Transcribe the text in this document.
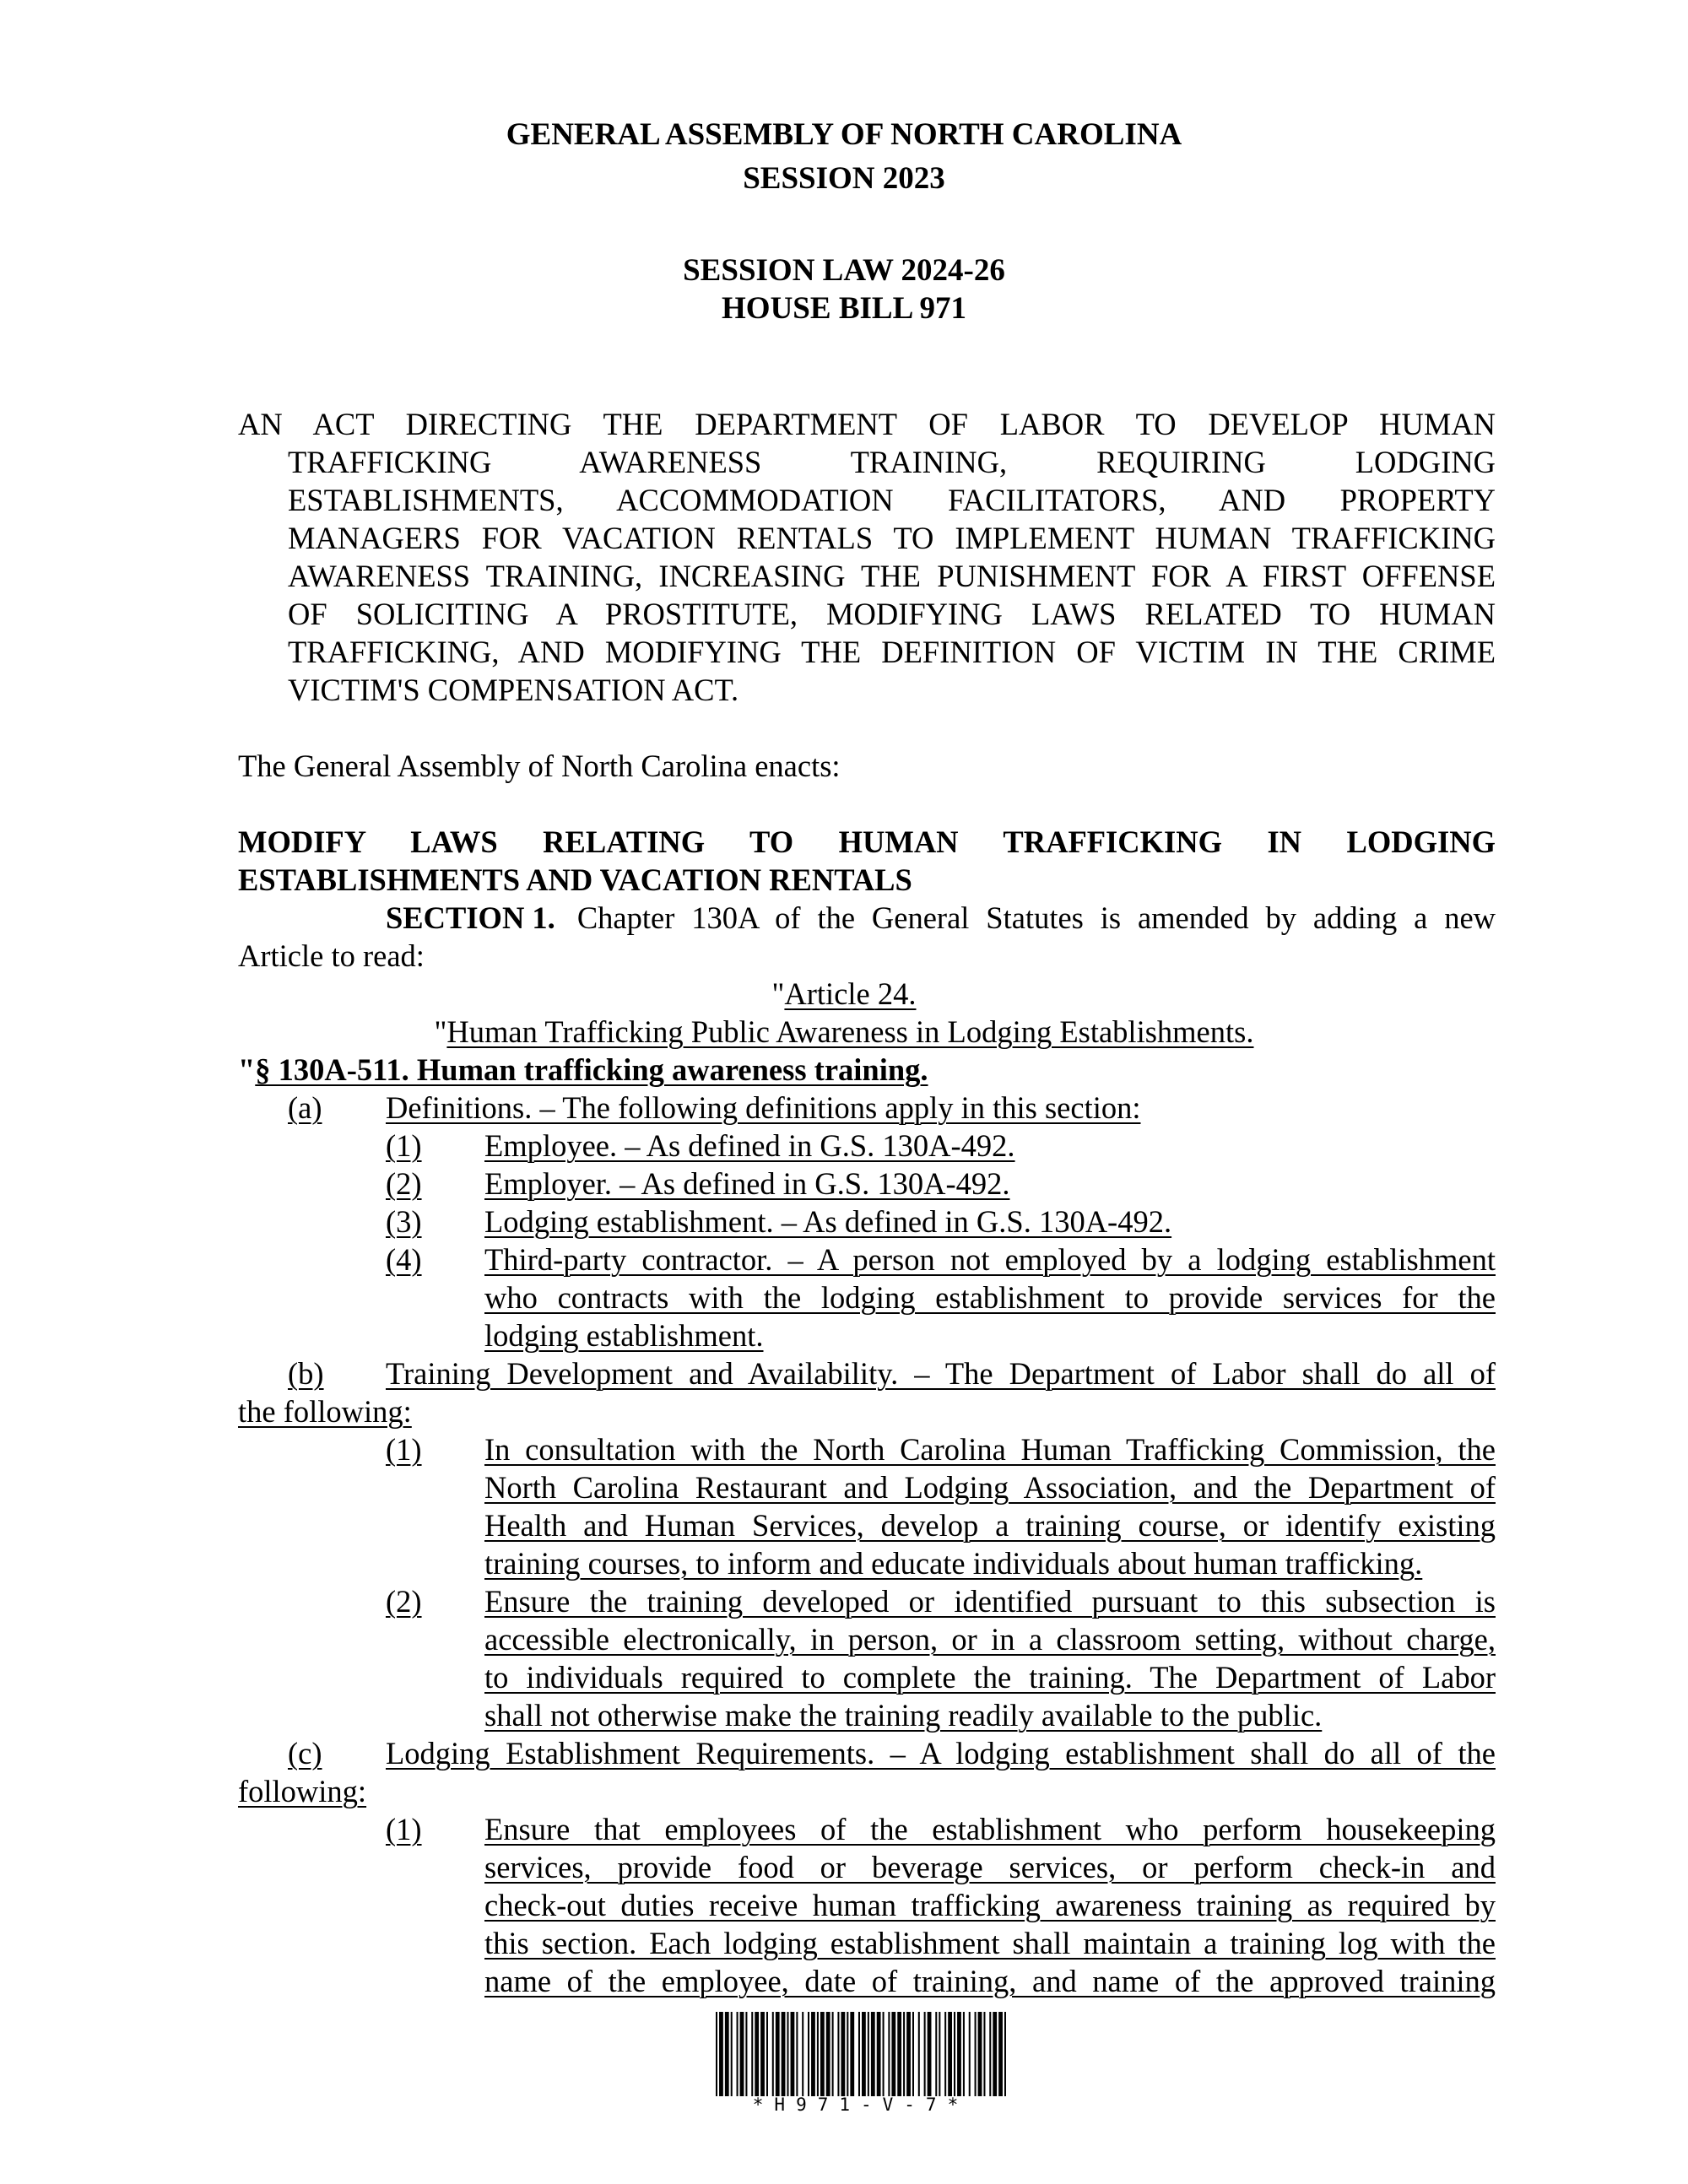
GENERAL ASSEMBLY OF NORTH CAROLINA
SESSION 2023
SESSION LAW 2024-26
HOUSE BILL 971
AN ACT DIRECTING THE DEPARTMENT OF LABOR TO DEVELOP HUMAN
TRAFFICKING AWARENESS TRAINING, REQUIRING LODGING
ESTABLISHMENTS, ACCOMMODATION FACILITATORS, AND PROPERTY
MANAGERS FOR VACATION RENTALS TO IMPLEMENT HUMAN TRAFFICKING
AWARENESS TRAINING, INCREASING THE PUNISHMENT FOR A FIRST OFFENSE
OF SOLICITING A PROSTITUTE, MODIFYING LAWS RELATED TO HUMAN
TRAFFICKING, AND MODIFYING THE DEFINITION OF VICTIM IN THE CRIME
VICTIM'S COMPENSATION ACT.
The General Assembly of North Carolina enacts:
MODIFY LAWS RELATING TO HUMAN TRAFFICKING IN LODGING
ESTABLISHMENTS AND VACATION RENTALS
SECTION 1. Chapter 130A of the General Statutes is amended by adding a new
Article to read:
"Article 24.
"Human Trafficking Public Awareness in Lodging Establishments.
"§ 130A-511. Human trafficking awareness training.
(a) Definitions. – The following definitions apply in this section:
(1) Employee. – As defined in G.S. 130A-492.
(2) Employer. – As defined in G.S. 130A-492.
(3) Lodging establishment. – As defined in G.S. 130A-492.
(4) Third-party contractor. – A person not employed by a lodging establishment
who contracts with the lodging establishment to provide services for the
lodging establishment.
(b) Training Development and Availability. – The Department of Labor shall do all of
the following:
(1) In consultation with the North Carolina Human Trafficking Commission, the
North Carolina Restaurant and Lodging Association, and the Department of
Health and Human Services, develop a training course, or identify existing
training courses, to inform and educate individuals about human trafficking.
(2) Ensure the training developed or identified pursuant to this subsection is
accessible electronically, in person, or in a classroom setting, without charge,
to individuals required to complete the training. The Department of Labor
shall not otherwise make the training readily available to the public.
(c) Lodging Establishment Requirements. – A lodging establishment shall do all of the
following:
(1) Ensure that employees of the establishment who perform housekeeping
services, provide food or beverage services, or perform check-in and
check-out duties receive human trafficking awareness training as required by
this section. Each lodging establishment shall maintain a training log with the
name of the employee, date of training, and name of the approved training
*H971-V-7*
